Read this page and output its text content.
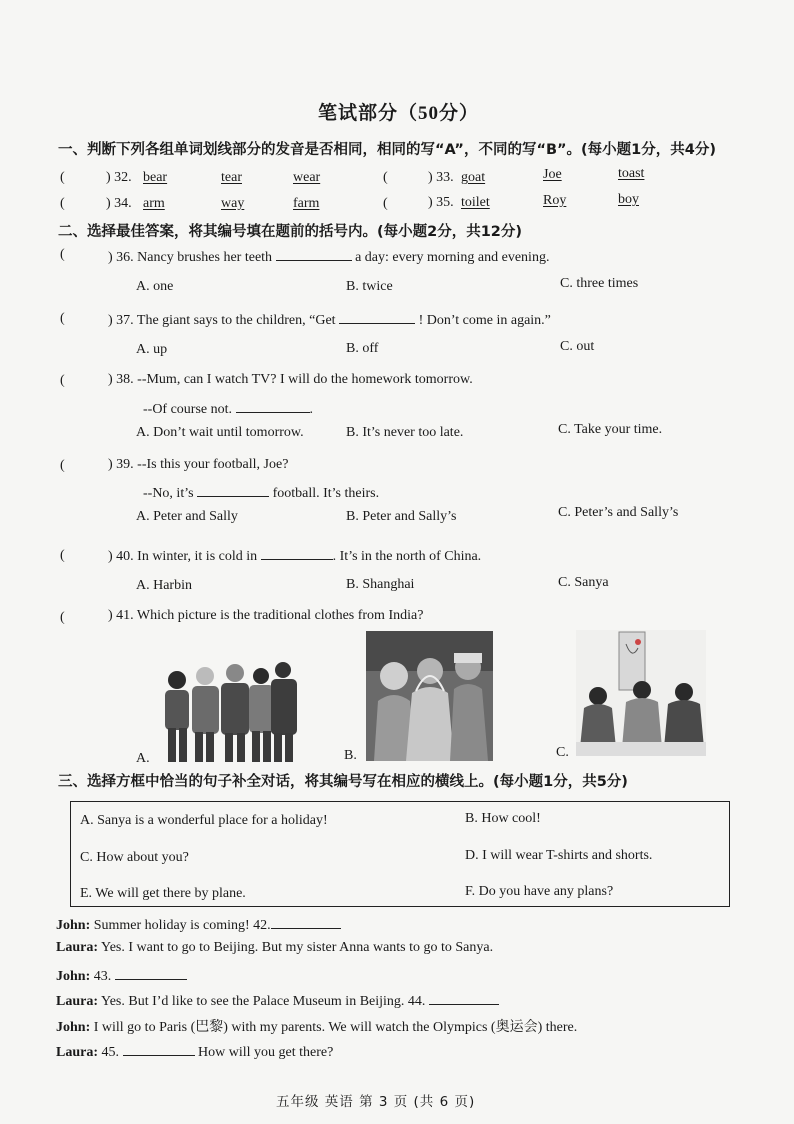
笔试部分（50分）
一、判断下列各组单词划线部分的发音是否相同，相同的写“A”，不同的写“B”。(每小题1分，共4分)
(	) 32. bear	tear	wear	(	) 33. goat	Joe	toast
(	) 34. arm	way	farm	(	) 35. toilet	Roy	boy
二、选择最佳答案，将其编号填在题前的括号内。(每小题2分，共12分)
(	) 36. Nancy brushes her teeth	a day: every morning and evening.
A. one	B. twice	C. three times
(	) 37. The giant says to the children, “Get	! Don’t come in again.”
A. up	B. off	C. out
(	) 38. --Mum, can I watch TV? I will do the homework tomorrow.
--Of course not.	.
A. Don’t wait until tomorrow.	B. It’s never too late.	C. Take your time.
(	) 39. --Is this your football, Joe?
--No, it’s	football. It’s theirs.
A. Peter and Sally	B. Peter and Sally’s	C. Peter’s and Sally’s
(	) 40. In winter, it is cold in	. It’s in the north of China.
A. Harbin	B. Shanghai	C. Sanya
(	) 41. Which picture is the traditional clothes from India?
A.	B.	C.
三、选择方框中恰当的句子补全对话，将其编号写在相应的横线上。(每小题1分，共5分)
A. Sanya is a wonderful place for a holiday!	B. How cool!
C. How about you?	D. I will wear T-shirts and shorts.
E. We will get there by plane.	F. Do you have any plans?
John: Summer holiday is coming! 42.
Laura: Yes. I want to go to Beijing. But my sister Anna wants to go to Sanya.
John: 43.
Laura: Yes. But I’d like to see the Palace Museum in Beijing. 44.
John: I will go to Paris (巴黎) with my parents. We will watch the Olympics (奥运会) there.
Laura: 45.	How will you get there?
五年级 英语 第 3 页 (共 6 页)
